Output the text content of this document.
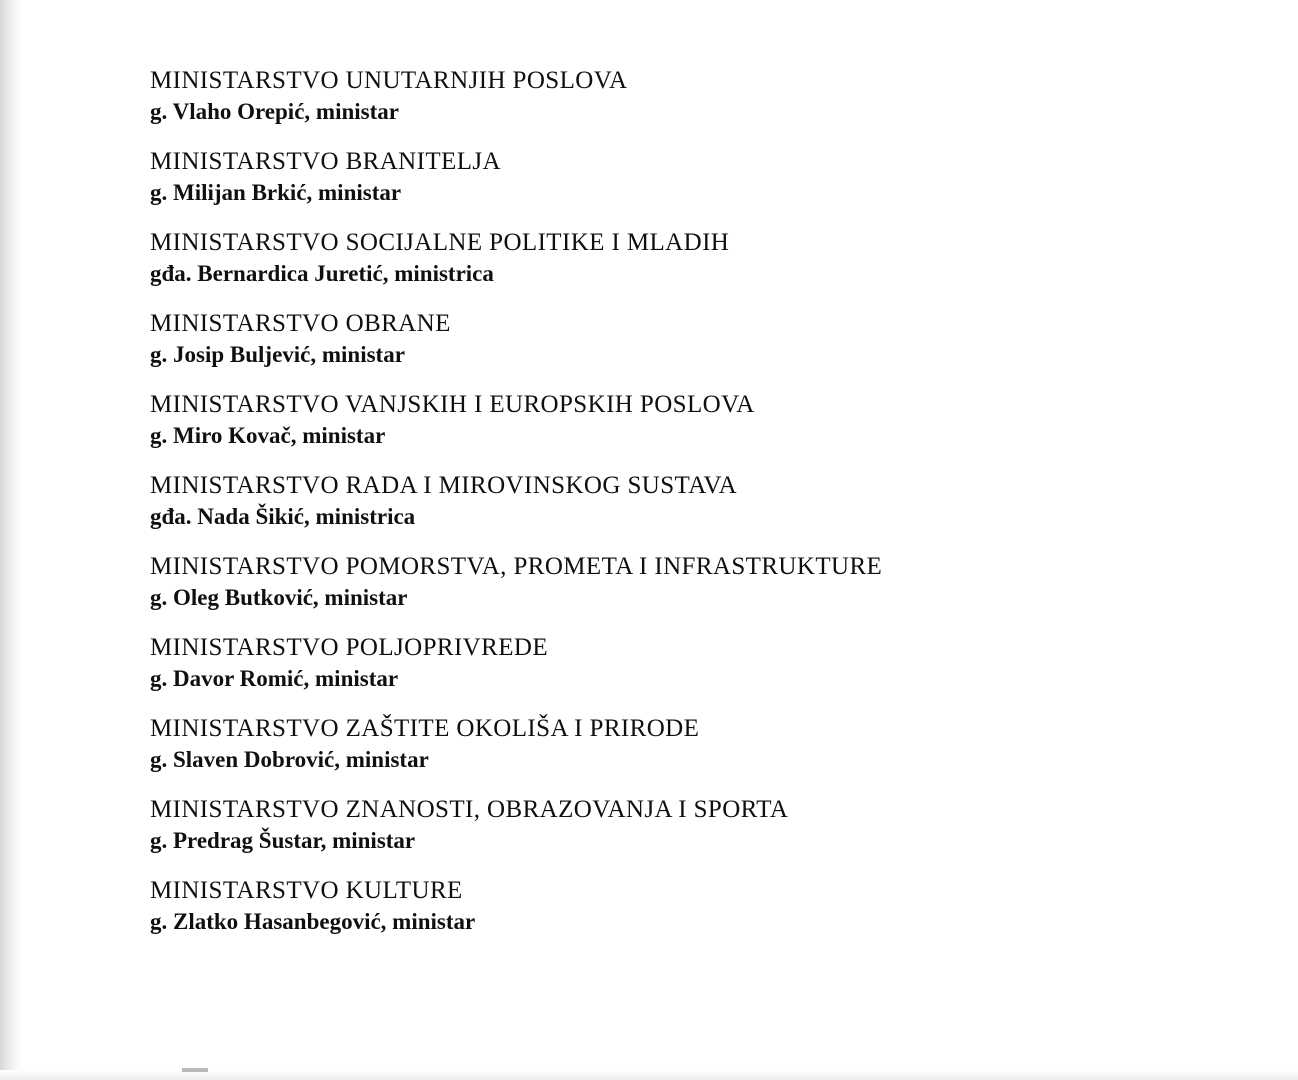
MINISTARSTVO UNUTARNJIH POSLOVA
g. Vlaho Orepić, ministar
MINISTARSTVO BRANITELJA
g. Milijan Brkić, ministar
MINISTARSTVO SOCIJALNE POLITIKE I MLADIH
gđa. Bernardica Juretić, ministrica
MINISTARSTVO OBRANE
g. Josip Buljević, ministar
MINISTARSTVO VANJSKIH I EUROPSKIH POSLOVA
g. Miro Kovač, ministar
MINISTARSTVO RADA I MIROVINSKOG SUSTAVA
gđa. Nada Šikić, ministrica
MINISTARSTVO POMORSTVA, PROMETA I INFRASTRUKTURE
g. Oleg Butković, ministar
MINISTARSTVO POLJOPRIVREDE
g. Davor Romić, ministar
MINISTARSTVO ZAŠTITE OKOLIŠA I PRIRODE
g. Slaven Dobrović, ministar
MINISTARSTVO ZNANOSTI, OBRAZOVANJA I SPORTA
g. Predrag Šustar, ministar
MINISTARSTVO KULTURE
g. Zlatko Hasanbegović, ministar
